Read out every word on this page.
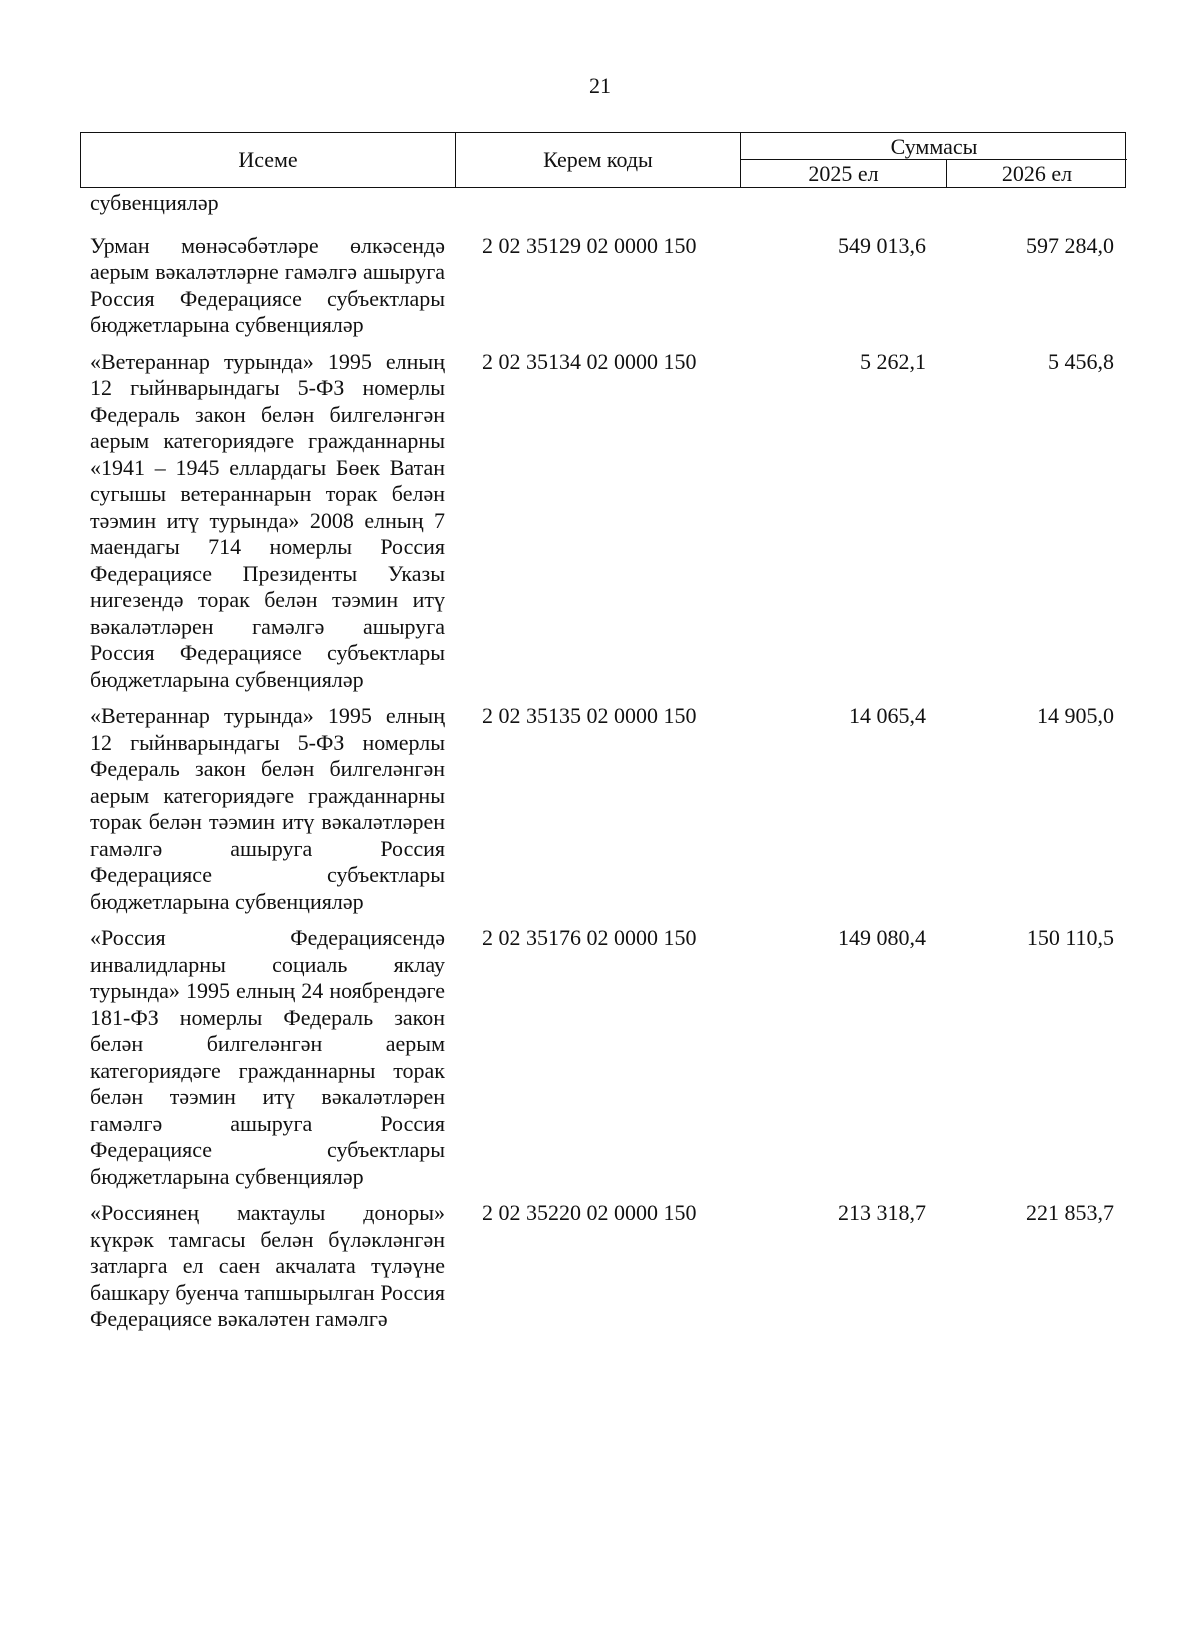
21
Исеме	Керем коды
Суммасы
2025 ел	2026 ел
субвенцияләр
Урман мөнәсәбәтләре өлкәсендә аерым вәкаләтләрне гамәлгә ашыруга Россия Федерациясе субъектлары бюджетларына субвенцияләр
2 02 35129 02 0000 150	549 013,6	597 284,0
«Ветераннар турында» 1995 елның 12 гыйнварындагы 5-ФЗ номерлы Федераль закон белән билгеләнгән аерым категориядәге гражданнарны «1941 – 1945 еллардагы Бөек Ватан сугышы ветераннарын торак белән тәэмин итү турында» 2008 елның 7 маендагы 714 номерлы Россия Федерациясе Президенты Указы нигезендә торак белән тәэмин итү вәкаләтләрен гамәлгә ашыруга Россия Федерациясе субъектлары бюджетларына субвенцияләр
2 02 35134 02 0000 150	5 262,1	5 456,8
«Ветераннар турында» 1995 елның 12 гыйнварындагы 5-ФЗ номерлы Федераль закон белән билгеләнгән аерым категориядәге гражданнарны торак белән тәэмин итү вәкаләтләрен гамәлгә ашыруга Россия Федерациясе субъектлары бюджетларына субвенцияләр
2 02 35135 02 0000 150	14 065,4	14 905,0
«Россия Федерациясендә инвалидларны социаль яклау турында» 1995 елның 24 ноябрендәге 181-ФЗ номерлы Федераль закон белән билгеләнгән аерым категориядәге гражданнарны торак белән тәэмин итү вәкаләтләрен гамәлгә ашыруга Россия Федерациясе субъектлары бюджетларына субвенцияләр
2 02 35176 02 0000 150	149 080,4	150 110,5
«Россиянең мактаулы доноры» күкрәк тамгасы белән бүләкләнгән затларга ел саен акчалата түләүне башкару буенча тапшырылган Россия Федерациясе вәкаләтен гамәлгә
2 02 35220 02 0000 150	213 318,7	221 853,7
